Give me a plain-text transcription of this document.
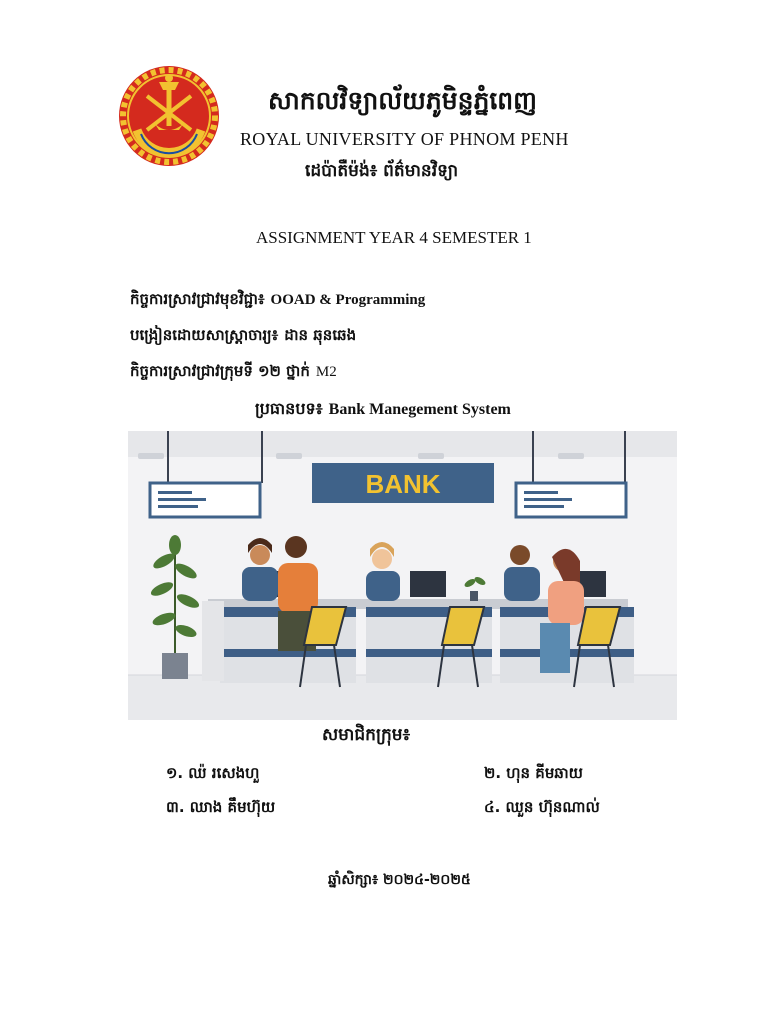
សាកលវិទ្យាល័យភូមិន្ទភ្នំពេញ
ROYAL UNIVERSITY OF PHNOM PENH
ដេប៉ាតឺម៉ង់៖ ព័ត៌មានវិទ្យា
ASSIGNMENT YEAR 4 SEMESTER 1
កិច្ចការស្រាវជ្រាវមុខវិជ្ជា៖ OOAD & Programming
បង្រៀនដោយសាស្ត្រាចារ្យ៖ ដាន ឆុនឆេង
កិច្ចការស្រាវជ្រាវក្រុមទី ១២ ថ្នាក់ M2
ប្រធានបទ៖ Bank Manegement System
BANK
សមាជិកក្រុម៖
១. ឈ៉ រសេងហួ	២. ហុន គីមឆាយ
៣. ឈាង គឹមហ៊ុយ	៤. ឈួន ហ៊ុនណាល់
ឆ្នាំសិក្សា៖ ២០២៤-២០២៥
